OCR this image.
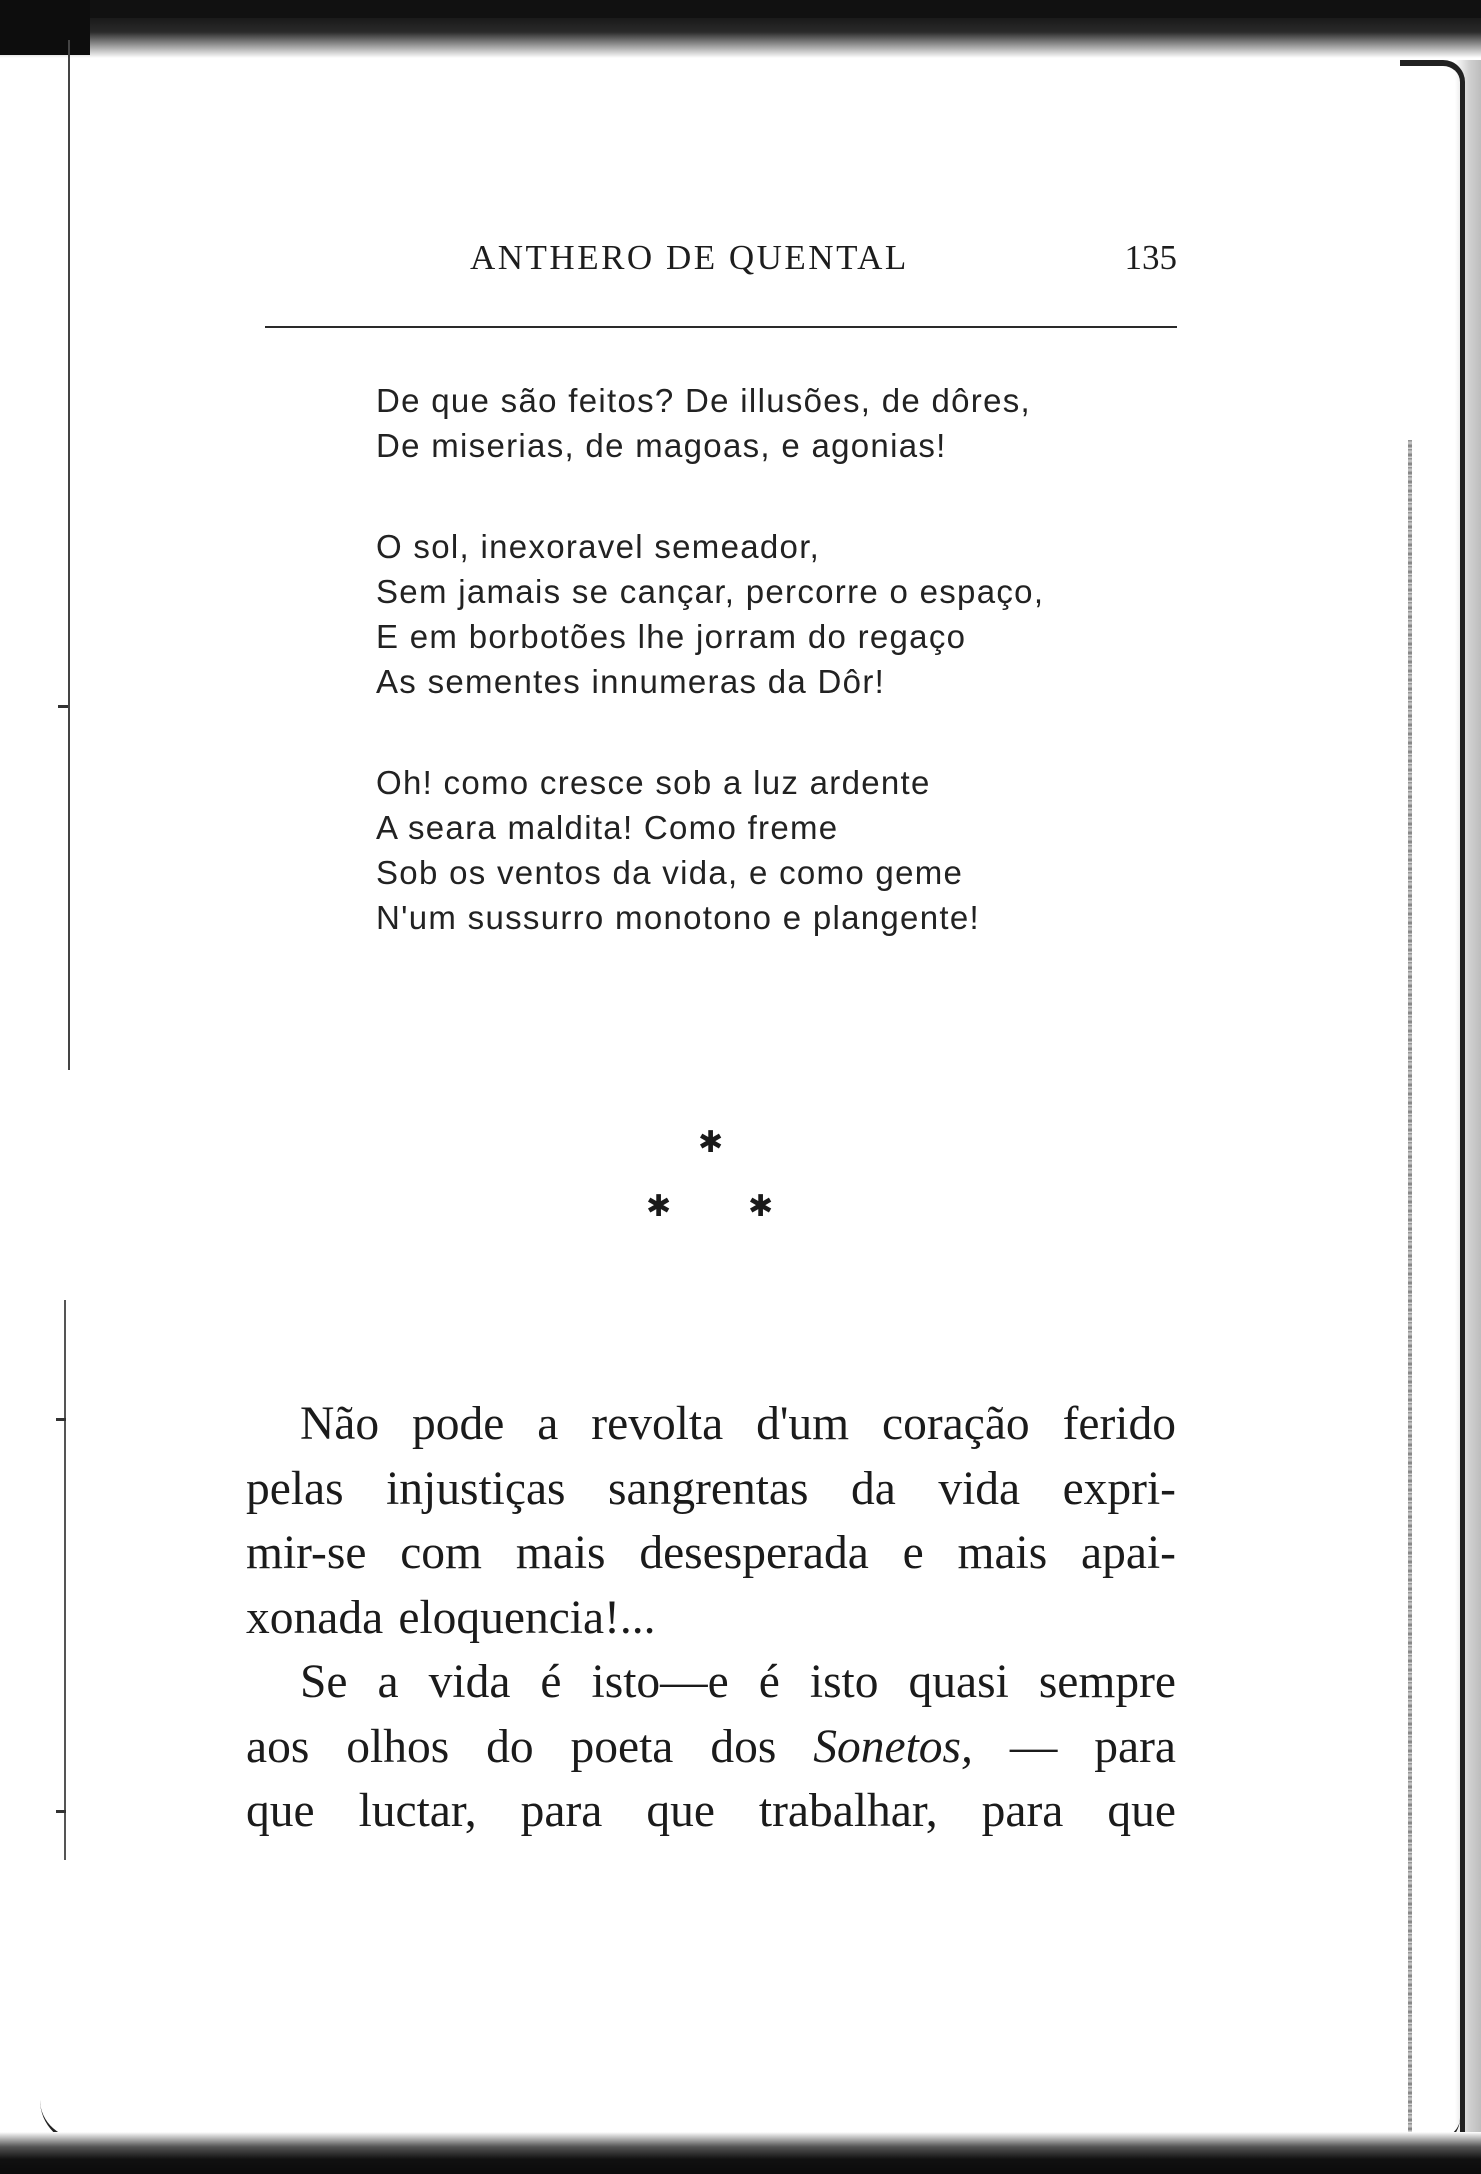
ANTHERO DE QUENTAL	135
De que são feitos? De illusões, de dôres,
De miserias, de magoas, e agonias!
O sol, inexoravel semeador,
Sem jamais se cançar, percorre o espaço,
E em borbotões lhe jorram do regaço
As sementes innumeras da Dôr!
Oh! como cresce sob a luz ardente
A seara maldita! Como freme
Sob os ventos da vida, e como geme
N'um sussurro monotono e plangente!
✱
✱	✱
Não pode a revolta d'um coração ferido
pelas injustiças sangrentas da vida expri-
mir-se com mais desesperada e mais apai-
xonada eloquencia!...
Se a vida é isto—e é isto quasi sempre
aos olhos do poeta dos Sonetos, — para
que luctar, para que trabalhar, para que
